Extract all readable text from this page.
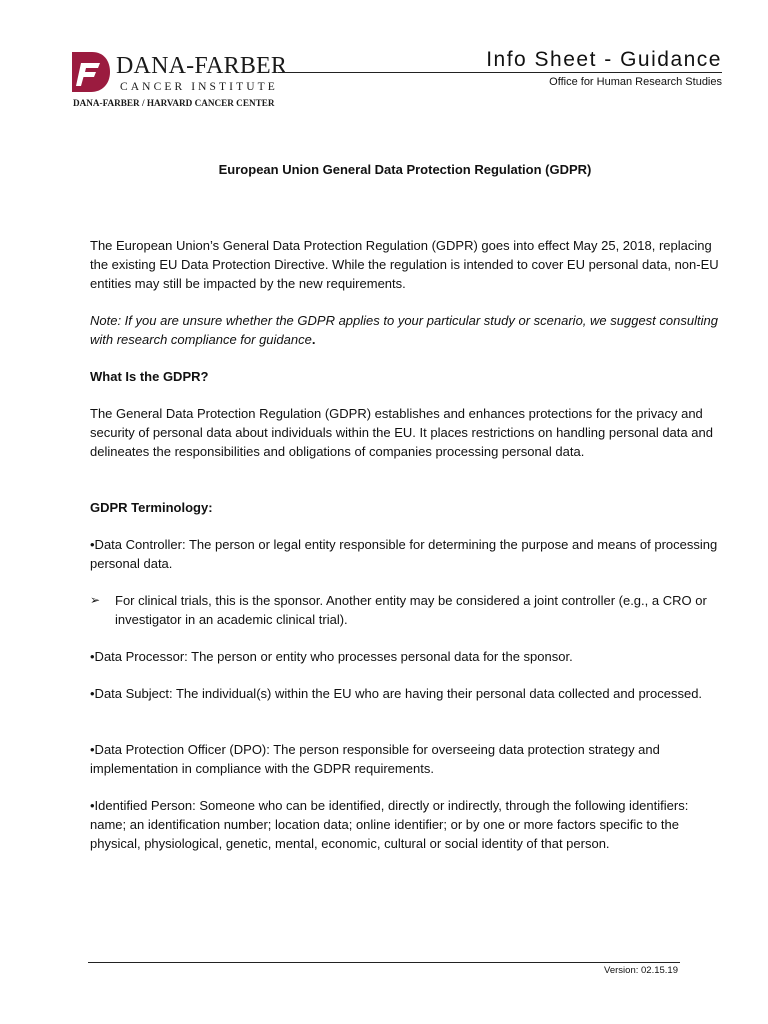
DANA-FARBER
CANCER INSTITUTE
DANA-FARBER / HARVARD CANCER CENTER
Info Sheet - Guidance
Office for Human Research Studies
European Union General Data Protection Regulation (GDPR)

The European Union’s General Data Protection Regulation (GDPR) goes into effect May 25, 2018, replacing the existing EU Data Protection Directive. While the regulation is intended to cover EU personal data, non-EU entities may still be impacted by the new requirements.

Note: If you are unsure whether the GDPR applies to your particular study or scenario, we suggest consulting with research compliance for guidance.

What Is the GDPR?

The General Data Protection Regulation (GDPR) establishes and enhances protections for the privacy and security of personal data about individuals within the EU. It places restrictions on handling personal data and delineates the responsibilities and obligations of companies processing personal data.

GDPR Terminology:

•Data Controller: The person or legal entity responsible for determining the purpose and means of processing personal data.

➢ For clinical trials, this is the sponsor. Another entity may be considered a joint controller (e.g., a CRO or investigator in an academic clinical trial).

•Data Processor: The person or entity who processes personal data for the sponsor.

•Data Subject: The individual(s) within the EU who are having their personal data collected and processed.

•Data Protection Officer (DPO): The person responsible for overseeing data protection strategy and implementation in compliance with the GDPR requirements.

•Identified Person: Someone who can be identified, directly or indirectly, through the following identifiers: name; an identification number; location data; online identifier; or by one or more factors specific to the physical, physiological, genetic, mental, economic, cultural or social identity of that person.

Version: 02.15.19
